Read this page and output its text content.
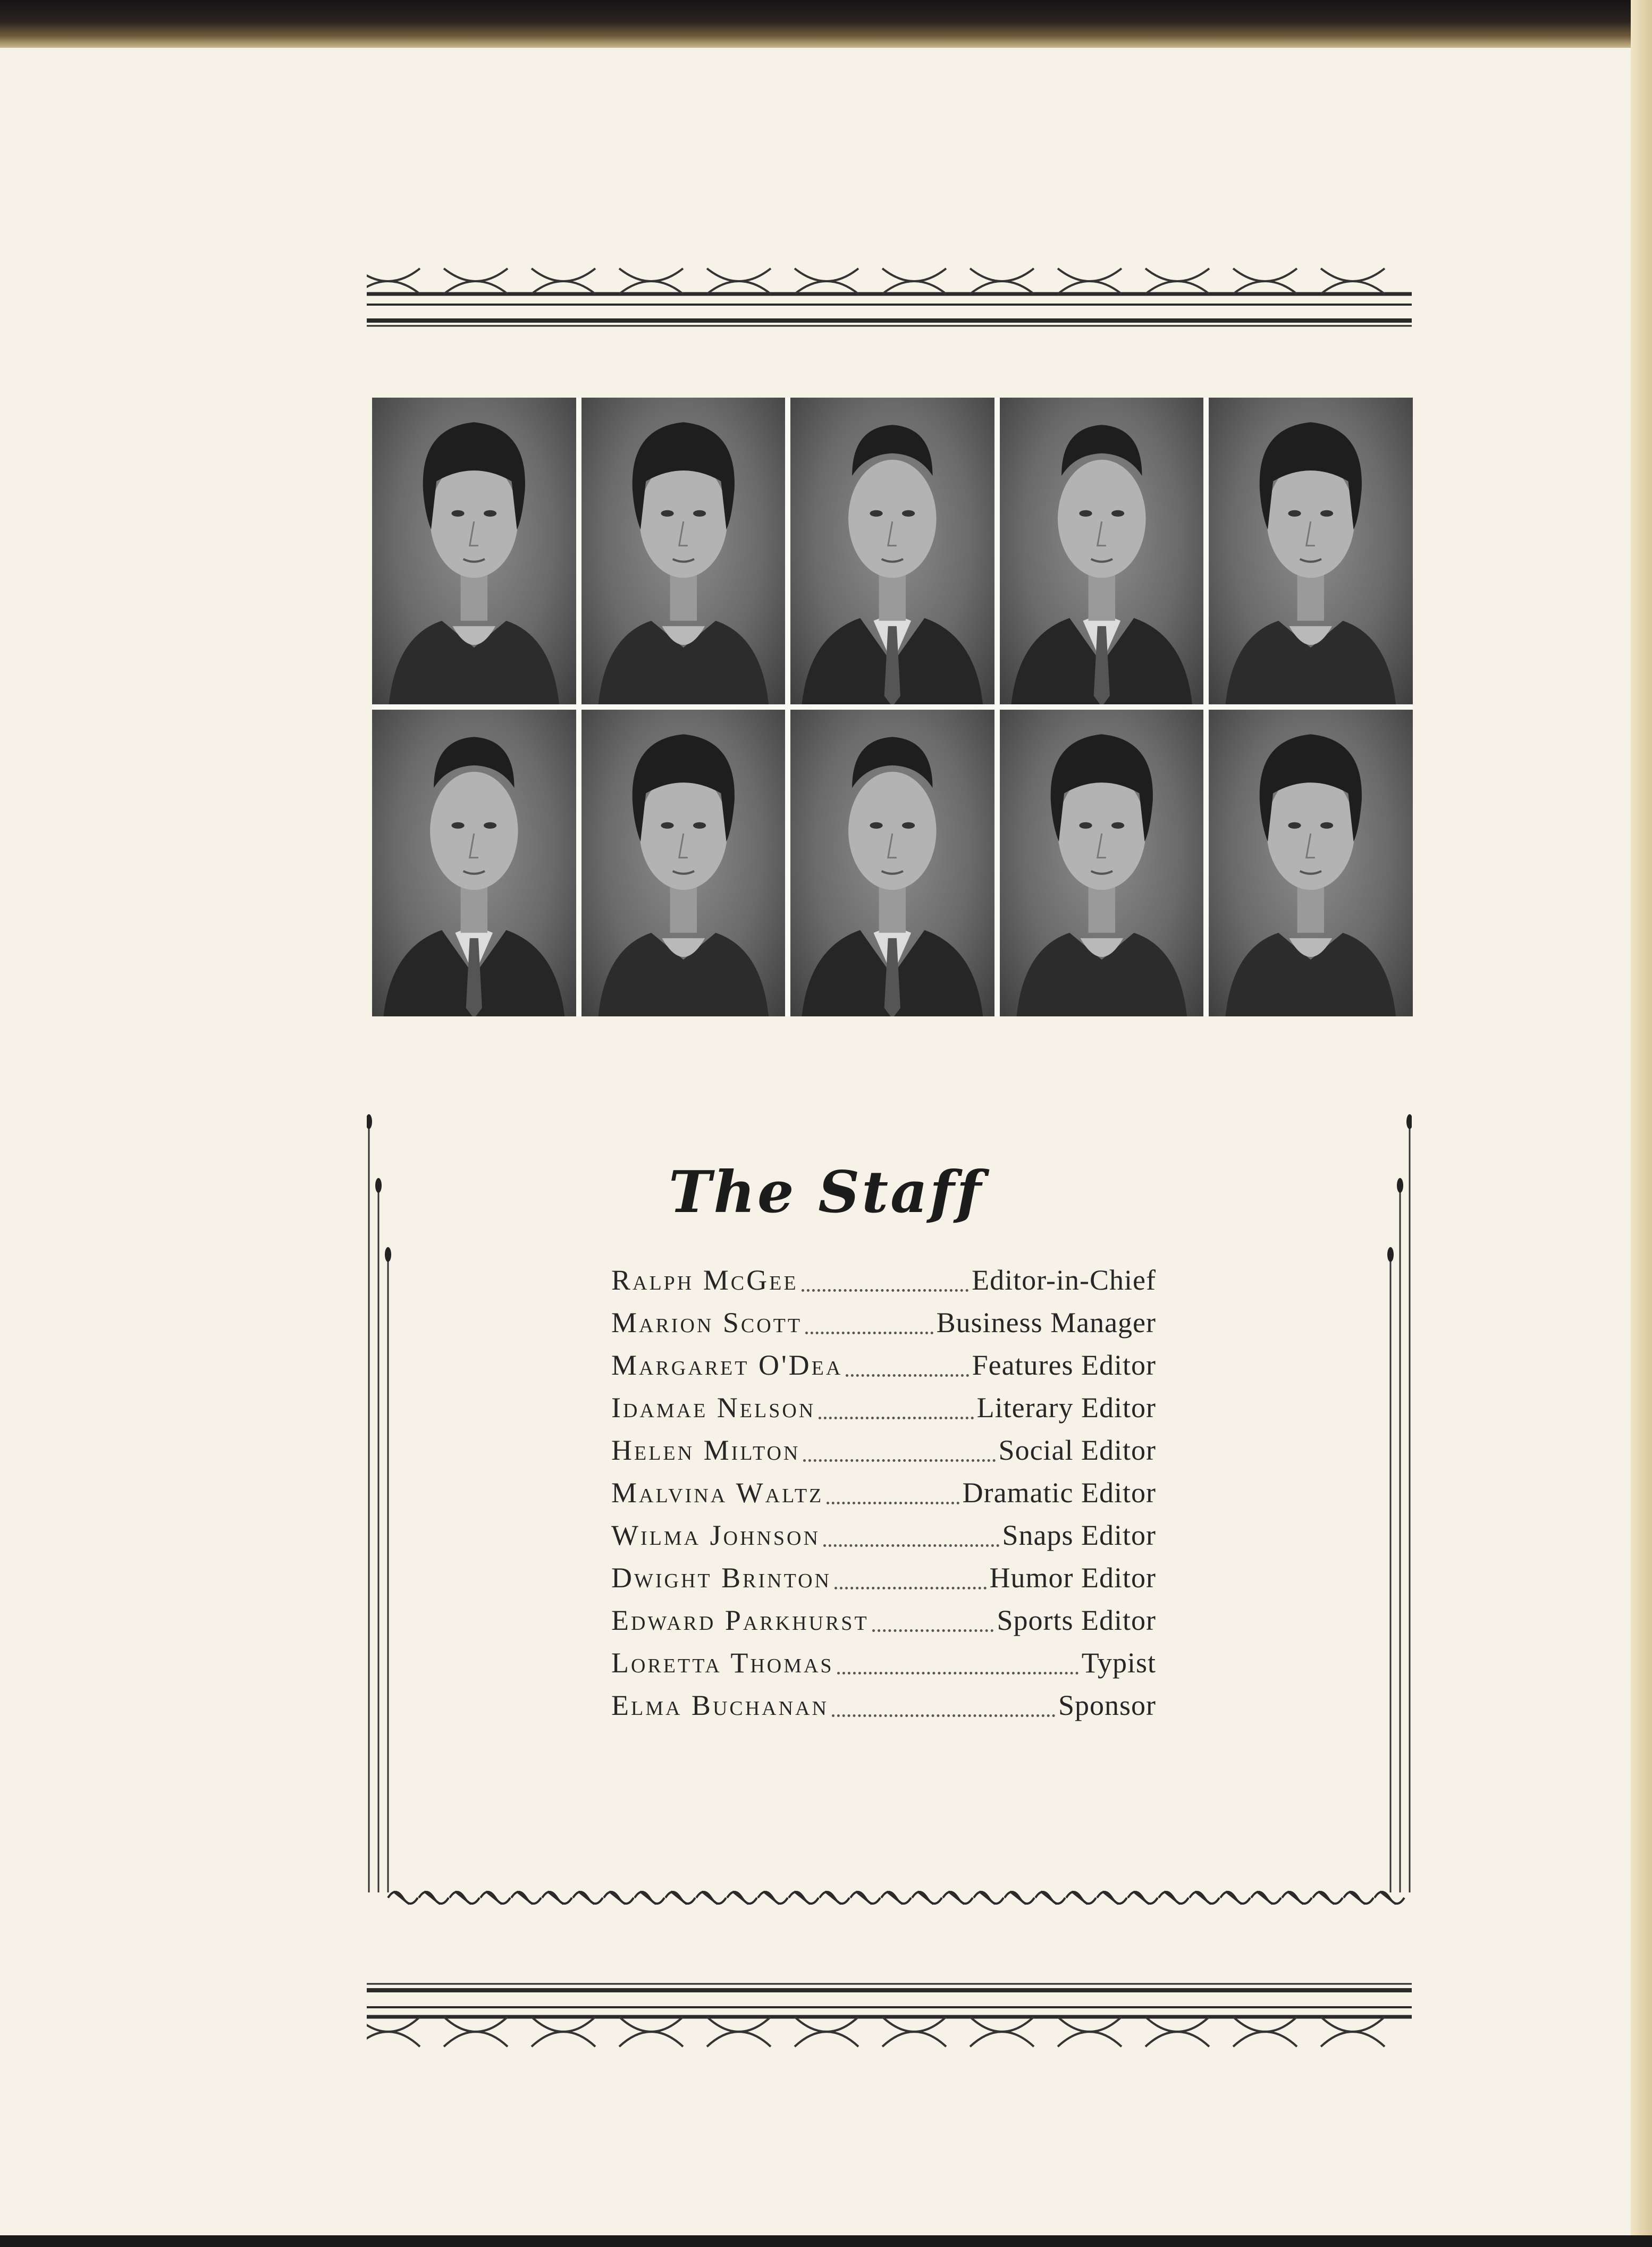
The Staff
Ralph McGee	Editor-in-Chief
Marion Scott	Business Manager
Margaret O'Dea	Features Editor
Idamae Nelson	Literary Editor
Helen Milton	Social Editor
Malvina Waltz	Dramatic Editor
Wilma Johnson	Snaps Editor
Dwight Brinton	Humor Editor
Edward Parkhurst	Sports Editor
Loretta Thomas	Typist
Elma Buchanan	Sponsor
